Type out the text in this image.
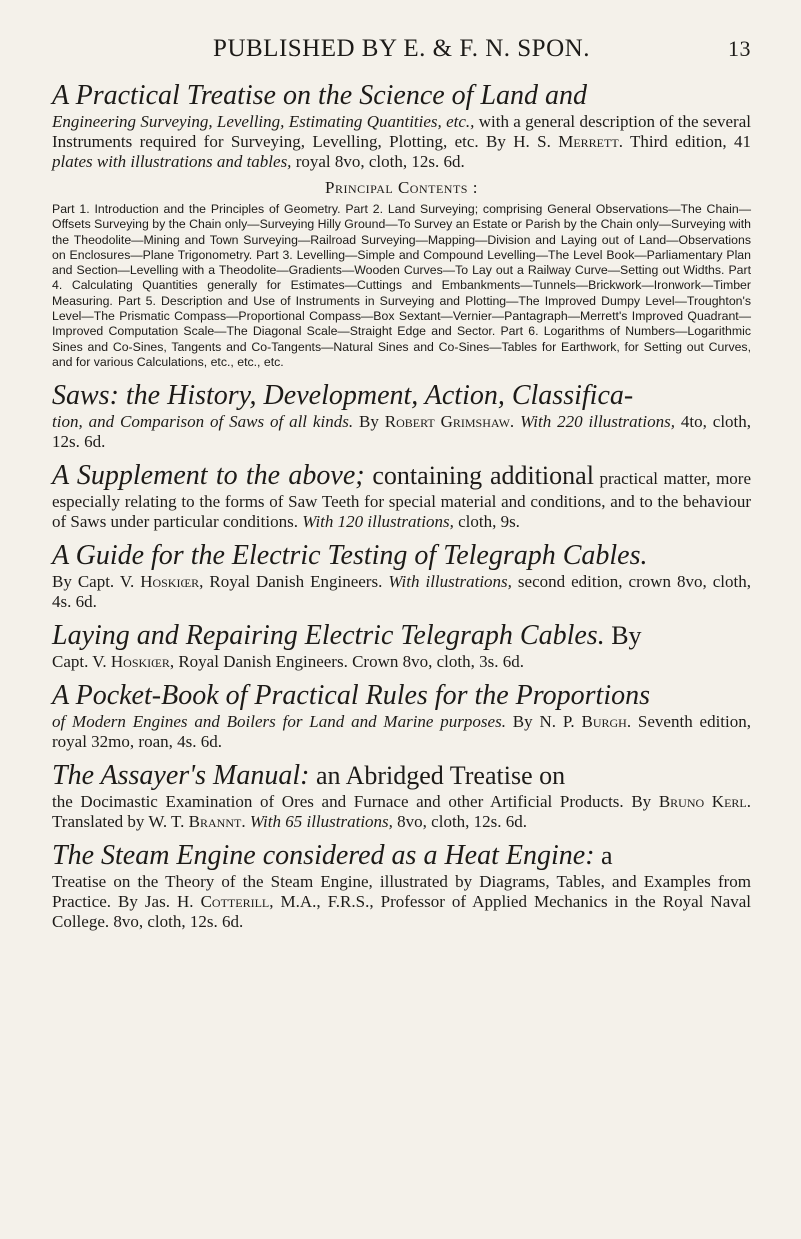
PUBLISHED BY E. & F. N. SPON.	13
A Practical Treatise on the Science of Land and
Engineering Surveying, Levelling, Estimating Quantities, etc., with a general description of the several Instruments required for Surveying, Levelling, Plotting, etc. By H. S. Merrett. Third edition, 41 plates with illustrations and tables, royal 8vo, cloth, 12s. 6d.
Principal Contents :
Part 1. Introduction and the Principles of Geometry. Part 2. Land Surveying; comprising General Observations—The Chain—Offsets Surveying by the Chain only—Surveying Hilly Ground—To Survey an Estate or Parish by the Chain only—Surveying with the Theodolite—Mining and Town Surveying—Railroad Surveying—Mapping—Division and Laying out of Land—Observations on Enclosures—Plane Trigonometry. Part 3. Levelling—Simple and Compound Levelling—The Level Book—Parliamentary Plan and Section—Levelling with a Theodolite—Gradients—Wooden Curves—To Lay out a Railway Curve—Setting out Widths. Part 4. Calculating Quantities generally for Estimates—Cuttings and Embankments—Tunnels—Brickwork—Ironwork—Timber Measuring. Part 5. Description and Use of Instruments in Surveying and Plotting—The Improved Dumpy Level—Troughton's Level—The Prismatic Compass—Proportional Compass—Box Sextant—Vernier—Pantagraph—Merrett's Improved Quadrant—Improved Computation Scale—The Diagonal Scale—Straight Edge and Sector. Part 6. Logarithms of Numbers—Logarithmic Sines and Co-Sines, Tangents and Co-Tangents—Natural Sines and Co-Sines—Tables for Earthwork, for Setting out Curves, and for various Calculations, etc., etc., etc.
Saws: the History, Development, Action, Classifica-
tion, and Comparison of Saws of all kinds. By Robert Grimshaw. With 220 illustrations, 4to, cloth, 12s. 6d.
A Supplement to the above; containing additional practical matter, more especially relating to the forms of Saw Teeth for special material and conditions, and to the behaviour of Saws under particular conditions. With 120 illustrations, cloth, 9s.
A Guide for the Electric Testing of Telegraph Cables.
By Capt. V. Hoskiœr, Royal Danish Engineers. With illustrations, second edition, crown 8vo, cloth, 4s. 6d.
Laying and Repairing Electric Telegraph Cables. By
Capt. V. Hoskiœr, Royal Danish Engineers. Crown 8vo, cloth, 3s. 6d.
A Pocket-Book of Practical Rules for the Proportions
of Modern Engines and Boilers for Land and Marine purposes. By N. P. Burgh. Seventh edition, royal 32mo, roan, 4s. 6d.
The Assayer's Manual: an Abridged Treatise on
the Docimastic Examination of Ores and Furnace and other Artificial Products. By Bruno Kerl. Translated by W. T. Brannt. With 65 illustrations, 8vo, cloth, 12s. 6d.
The Steam Engine considered as a Heat Engine: a
Treatise on the Theory of the Steam Engine, illustrated by Diagrams, Tables, and Examples from Practice. By Jas. H. Cotterill, M.A., F.R.S., Professor of Applied Mechanics in the Royal Naval College. 8vo, cloth, 12s. 6d.
